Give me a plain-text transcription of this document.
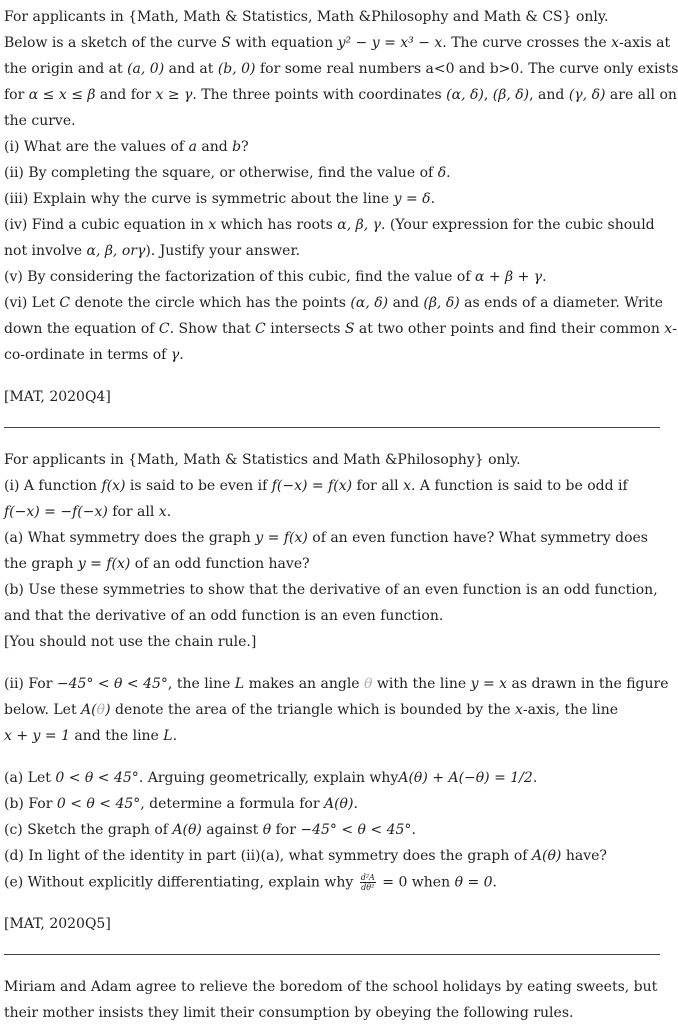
For applicants in {Math, Math & Statistics, Math &Philosophy and Math & CS} only.
Below is a sketch of the curve S with equation y² − y = x³ − x. The curve crosses the x-axis at
the origin and at (a, 0) and at (b, 0) for some real numbers a<0 and b>0. The curve only exists
for α ≤ x ≤ β and for x ≥ γ. The three points with coordinates (α, δ), (β, δ), and (γ, δ) are all on
the curve.
(i) What are the values of a and b?
(ii) By completing the square, or otherwise, find the value of δ.
(iii) Explain why the curve is symmetric about the line y = δ.
(iv) Find a cubic equation in x which has roots α, β, γ. (Your expression for the cubic should
not involve α, β, orγ). Justify your answer.
(v) By considering the factorization of this cubic, find the value of α + β + γ.
(vi) Let C denote the circle which has the points (α, δ) and (β, δ) as ends of a diameter. Write
down the equation of C. Show that C intersects S at two other points and find their common x-
co-ordinate in terms of γ.
[MAT, 2020Q4]
For applicants in {Math, Math & Statistics and Math &Philosophy} only.
(i) A function f(x) is said to be even if f(−x) = f(x) for all x. A function is said to be odd if
f(−x) = −f(−x) for all x.
(a) What symmetry does the graph y = f(x) of an even function have? What symmetry does
the graph y = f(x) of an odd function have?
(b) Use these symmetries to show that the derivative of an even function is an odd function,
and that the derivative of an odd function is an even function.
[You should not use the chain rule.]
(ii) For −45° < θ < 45°, the line L makes an angle θ with the line y = x as drawn in the figure
below. Let A(θ) denote the area of the triangle which is bounded by the x-axis, the line
x + y = 1 and the line L.
(a) Let 0 < θ < 45°. Arguing geometrically, explain whyA(θ) + A(−θ) = 1/2.
(b) For 0 < θ < 45°, determine a formula for A(θ).
(c) Sketch the graph of A(θ) against θ for −45° < θ < 45°.
(d) In light of the identity in part (ii)(a), what symmetry does the graph of A(θ) have?
(e) Without explicitly differentiating, explain why $\frac{\text{d²A}}{\text{dθ²}} = 0$ when θ = 0.
[MAT, 2020Q5]
Miriam and Adam agree to relieve the boredom of the school holidays by eating sweets, but
their mother insists they limit their consumption by obeying the following rules.
